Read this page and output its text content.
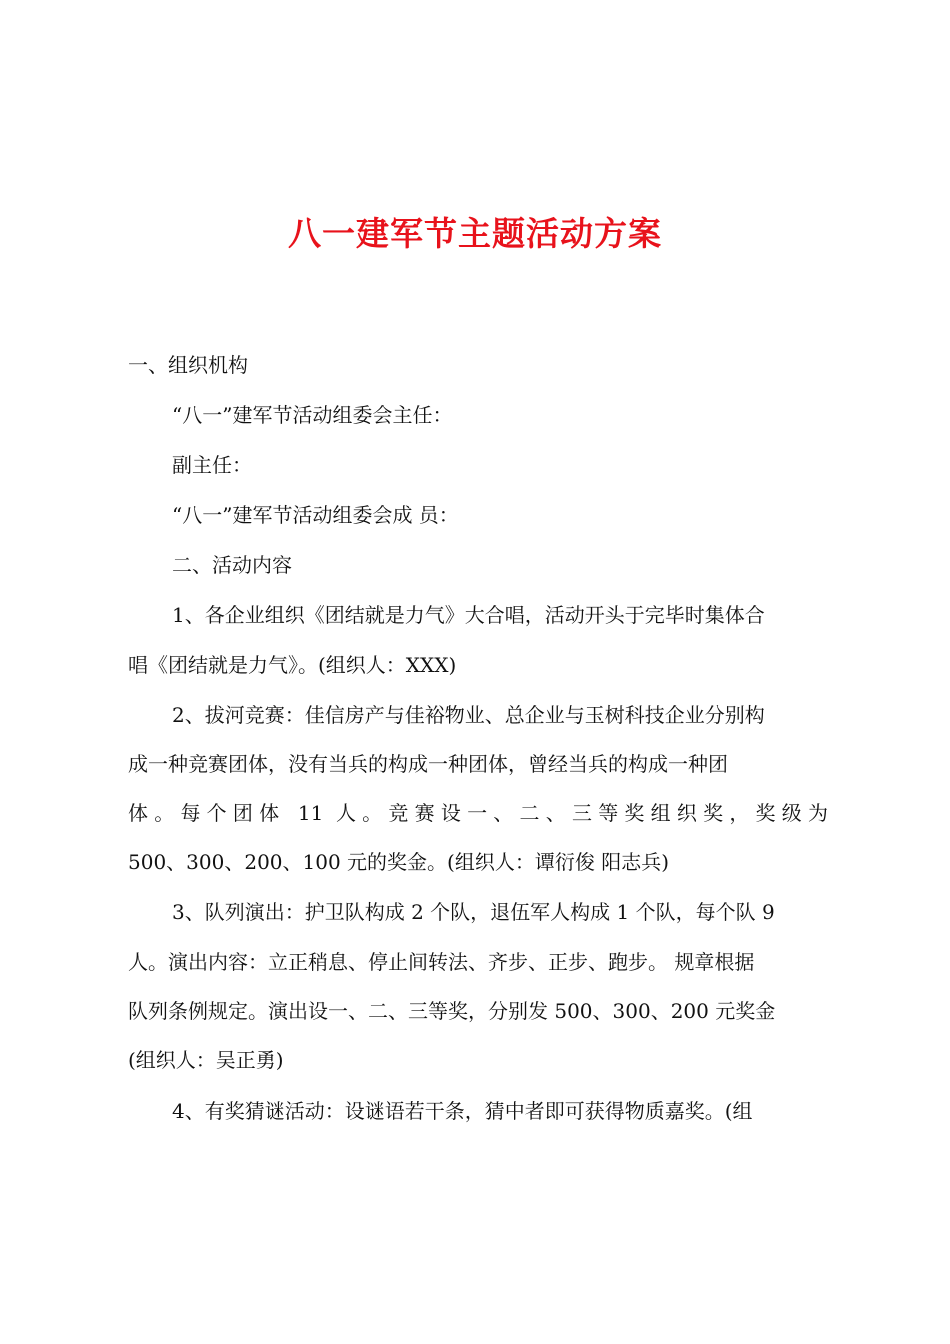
八一建军节主题活动方案

一、组织机构

“八一”建军节活动组委会主任：

副主任：

“八一”建军节活动组委会成 员：

二、活动内容

1、各企业组织《团结就是力气》大合唱，活动开头于完毕时集体合

唱《团结就是力气》。(组织人：XXX)

2、拔河竞赛：佳信房产与佳裕物业、总企业与玉树科技企业分别构

成一种竞赛团体，没有当兵的构成一种团体，曾经当兵的构成一种团

体。每个团体 11 人。竞赛设一、二、三等奖组织奖，奖级为

500、300、200、100 元的奖金。(组织人：谭衍俊 阳志兵)

3、队列演出：护卫队构成 2 个队，退伍军人构成 1 个队，每个队 9

人。演出内容：立正稍息、停止间转法、齐步、正步、跑步。 规章根据

队列条例规定。演出设一、二、三等奖，分别发 500、300、200 元奖金

(组织人：吴正勇)

4、有奖猜谜活动：设谜语若干条，猜中者即可获得物质嘉奖。(组
